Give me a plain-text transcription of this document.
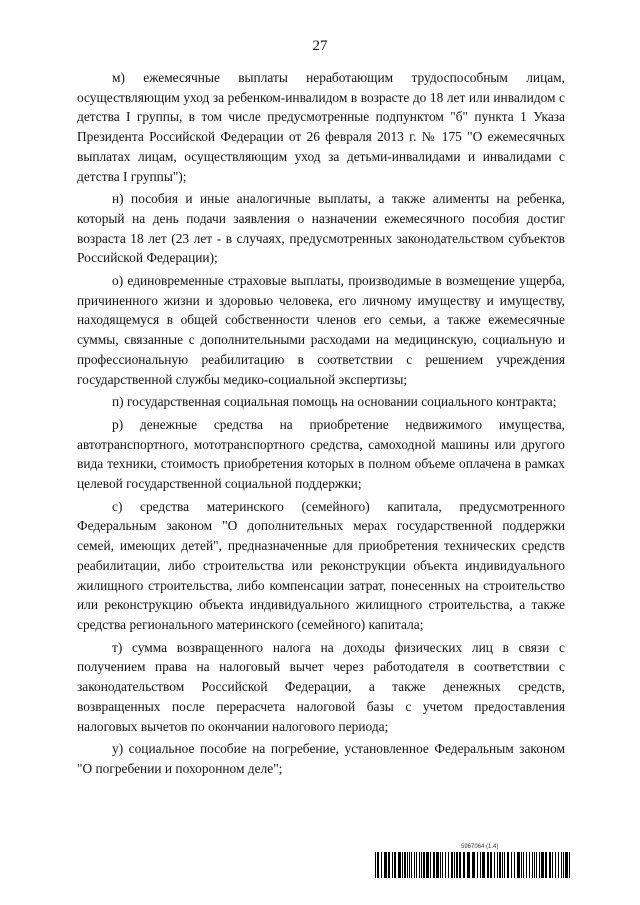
27

м) ежемесячные выплаты неработающим трудоспособным лицам, осуществляющим уход за ребенком-инвалидом в возрасте до 18 лет или инвалидом с детства I группы, в том числе предусмотренные подпунктом "б" пункта 1 Указа Президента Российской Федерации от 26 февраля 2013 г. № 175 "О ежемесячных выплатах лицам, осуществляющим уход за детьми-инвалидами и инвалидами с детства I группы");

н) пособия и иные аналогичные выплаты, а также алименты на ребенка, который на день подачи заявления о назначении ежемесячного пособия достиг возраста 18 лет (23 лет - в случаях, предусмотренных законодательством субъектов Российской Федерации);

о) единовременные страховые выплаты, производимые в возмещение ущерба, причиненного жизни и здоровью человека, его личному имуществу и имуществу, находящемуся в общей собственности членов его семьи, а также ежемесячные суммы, связанные с дополнительными расходами на медицинскую, социальную и профессиональную реабилитацию в соответствии с решением учреждения государственной службы медико-социальной экспертизы;

п) государственная социальная помощь на основании социального контракта;

р) денежные средства на приобретение недвижимого имущества, автотранспортного, мототранспортного средства, самоходной машины или другого вида техники, стоимость приобретения которых в полном объеме оплачена в рамках целевой государственной социальной поддержки;

с) средства материнского (семейного) капитала, предусмотренного Федеральным законом "О дополнительных мерах государственной поддержки семей, имеющих детей", предназначенные для приобретения технических средств реабилитации, либо строительства или реконструкции объекта индивидуального жилищного строительства, либо компенсации затрат, понесенных на строительство или реконструкцию объекта индивидуального жилищного строительства, а также средства регионального материнского (семейного) капитала;

т) сумма возвращенного налога на доходы физических лиц в связи с получением права на налоговый вычет через работодателя в соответствии с законодательством Российской Федерации, а также денежных средств, возвращенных после перерасчета налоговой базы с учетом предоставления налоговых вычетов по окончании налогового периода;

у) социальное пособие на погребение, установленное Федеральным законом "О погребении и похоронном деле";

5967064 (1.4)
